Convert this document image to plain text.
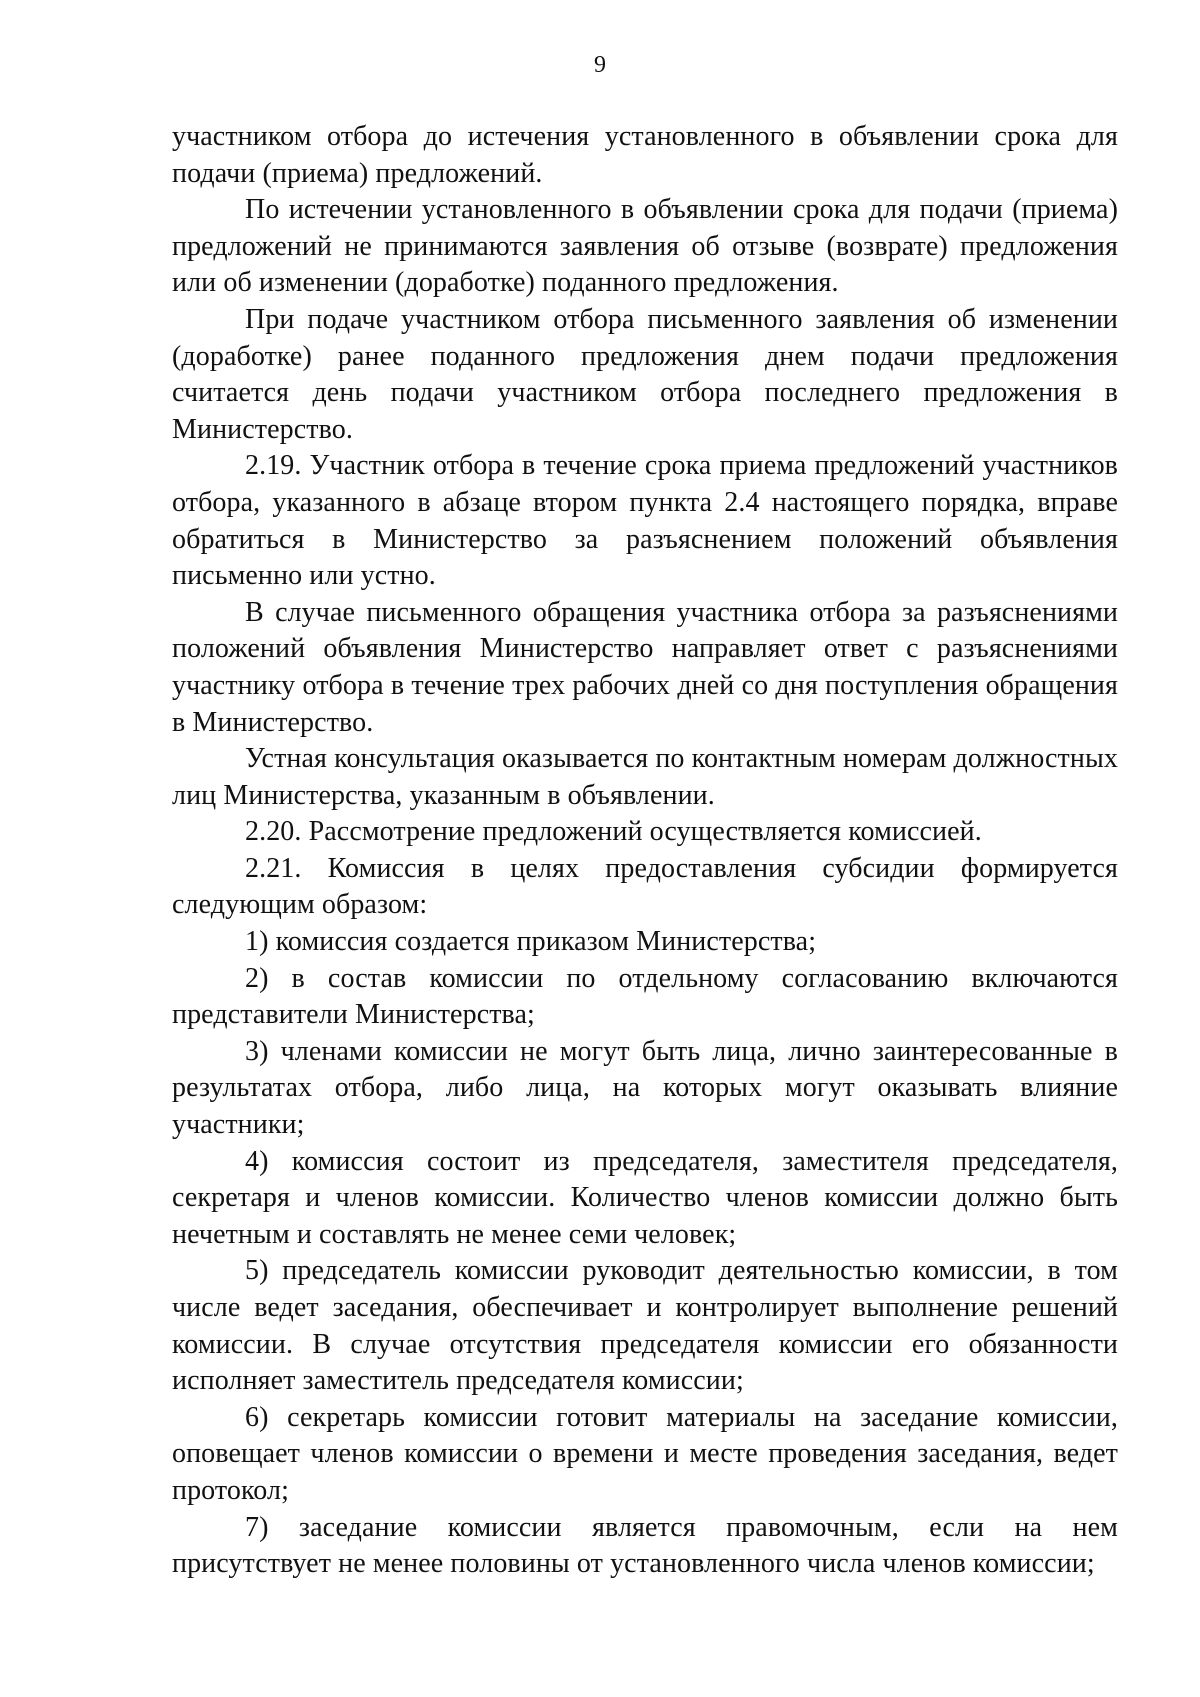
9

участником отбора до истечения установленного в объявлении срока для подачи (приема) предложений.

По истечении установленного в объявлении срока для подачи (приема) предложений не принимаются заявления об отзыве (возврате) предложения или об изменении (доработке) поданного предложения.

При подаче участником отбора письменного заявления об изменении (доработке) ранее поданного предложения днем подачи предложения считается день подачи участником отбора последнего предложения в Министерство.

2.19. Участник отбора в течение срока приема предложений участников отбора, указанного в абзаце втором пункта 2.4 настоящего порядка, вправе обратиться в Министерство за разъяснением положений объявления письменно или устно.

В случае письменного обращения участника отбора за разъяснениями положений объявления Министерство направляет ответ с разъяснениями участнику отбора в течение трех рабочих дней со дня поступления обращения в Министерство.

Устная консультация оказывается по контактным номерам должностных лиц Министерства, указанным в объявлении.

2.20. Рассмотрение предложений осуществляется комиссией.

2.21. Комиссия в целях предоставления субсидии формируется следующим образом:

1) комиссия создается приказом Министерства;

2) в состав комиссии по отдельному согласованию включаются представители Министерства;

3) членами комиссии не могут быть лица, лично заинтересованные в результатах отбора, либо лица, на которых могут оказывать влияние участники;

4) комиссия состоит из председателя, заместителя председателя, секретаря и членов комиссии. Количество членов комиссии должно быть нечетным и составлять не менее семи человек;

5) председатель комиссии руководит деятельностью комиссии, в том числе ведет заседания, обеспечивает и контролирует выполнение решений комиссии. В случае отсутствия председателя комиссии его обязанности исполняет заместитель председателя комиссии;

6) секретарь комиссии готовит материалы на заседание комиссии, оповещает членов комиссии о времени и месте проведения заседания, ведет протокол;

7) заседание комиссии является правомочным, если на нем присутствует не менее половины от установленного числа членов комиссии;
